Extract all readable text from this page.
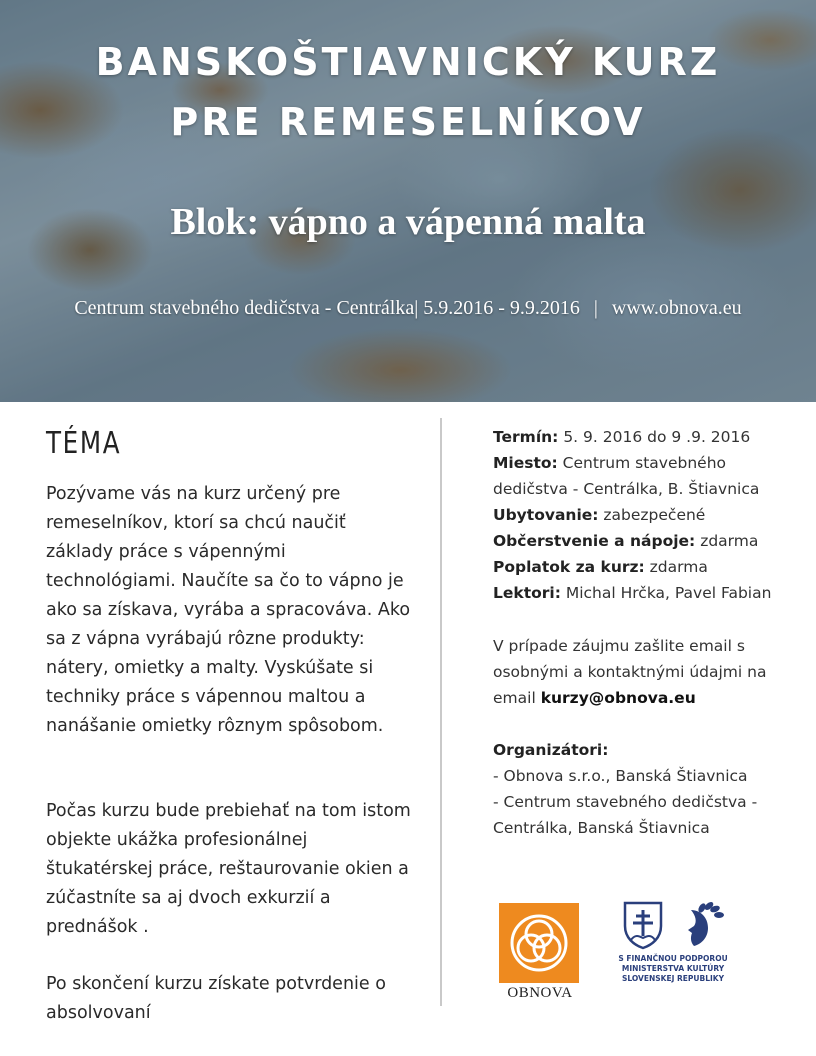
BANSKOŠTIAVNICKÝ KURZ
PRE REMESELNÍKOV
Blok: vápno a vápenná malta
Centrum stavebného dedičstva - Centrálka| 5.9.2016 - 9.9.2016 | www.obnova.eu
TÉMA

Pozývame vás na kurz určený pre remeselníkov, ktorí sa chcú naučiť základy práce s vápennými technológiami. Naučíte sa čo to vápno je ako sa získava, vyrába a spracováva. Ako sa z vápna vyrábajú rôzne produkty: nátery, omietky a malty. Vyskúšate si techniky práce s vápennou maltou a nanášanie omietky rôznym spôsobom.

Počas kurzu bude prebiehať na tom istom objekte ukážka profesionálnej štukatérskej práce, reštaurovanie okien a zúčastníte sa aj dvoch exkurzií a prednášok .

Po skončení kurzu získate potvrdenie o absolvovaní

Termín: 5. 9. 2016 do 9 .9. 2016
Miesto: Centrum stavebného dedičstva - Centrálka, B. Štiavnica
Ubytovanie: zabezpečené
Občerstvenie a nápoje: zdarma
Poplatok za kurz: zdarma
Lektori: Michal Hrčka, Pavel Fabian
V prípade záujmu zašlite email s osobnými a kontaktnými údajmi na email kurzy@obnova.eu
Organizátori:
- Obnova s.r.o., Banská Štiavnica
- Centrum stavebného dedičstva - Centrálka, Banská Štiavnica
OBNOVA
S FINANČNOU PODPOROU
MINISTERSTVA KULTÚRY
SLOVENSKEJ REPUBLIKY
